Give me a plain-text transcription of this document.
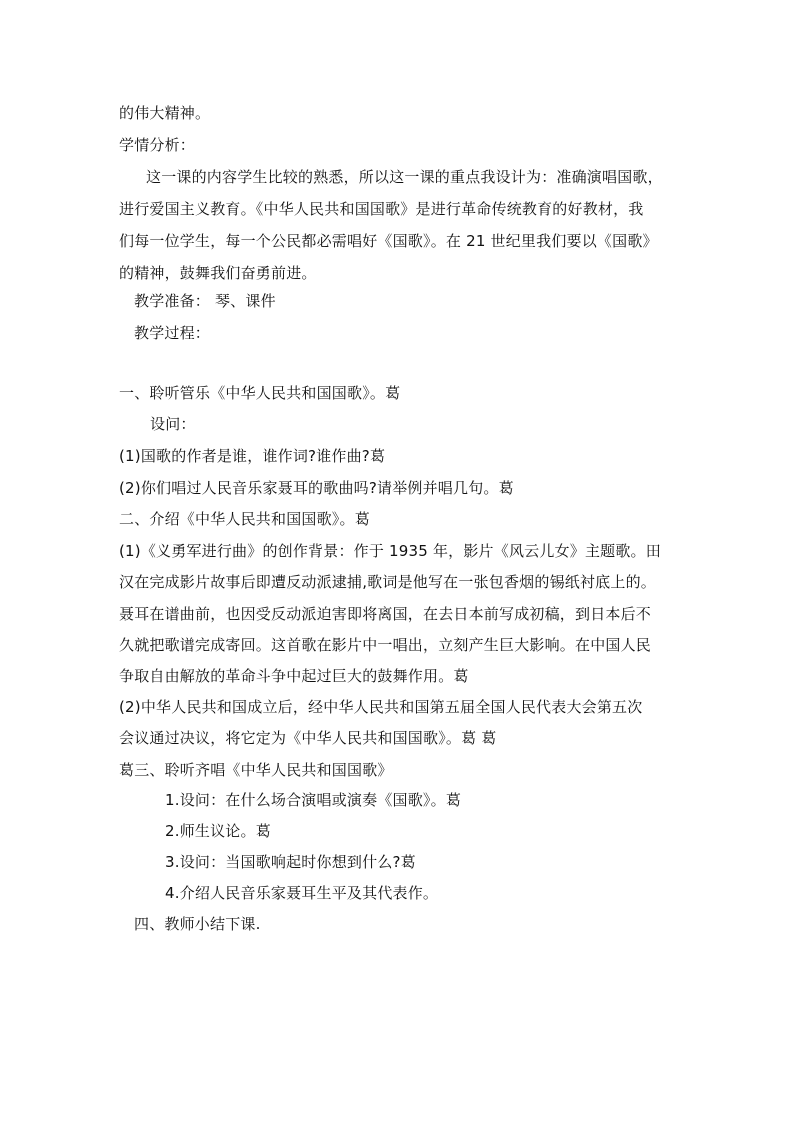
的伟大精神。
学情分析：
这一课的内容学生比较的熟悉，所以这一课的重点我设计为：准确演唱国歌，
进行爱国主义教育。《中华人民共和国国歌》是进行革命传统教育的好教材，我
们每一位学生，每一个公民都必需唱好《国歌》。在 21 世纪里我们要以《国歌》
的精神，鼓舞我们奋勇前进。
教学准备： 琴、课件
教学过程：
一、聆听管乐《中华人民共和国国歌》。葛
设问：
(1)国歌的作者是谁，谁作词?谁作曲?葛
(2)你们唱过人民音乐家聂耳的歌曲吗?请举例并唱几句。葛
二、介绍《中华人民共和国国歌》。葛
(1)《义勇军进行曲》的创作背景：作于 1935 年，影片《风云儿女》主题歌。田
汉在完成影片故事后即遭反动派逮捕,歌词是他写在一张包香烟的锡纸衬底上的。
聂耳在谱曲前，也因受反动派迫害即将离国，在去日本前写成初稿，到日本后不
久就把歌谱完成寄回。这首歌在影片中一唱出，立刻产生巨大影响。在中国人民
争取自由解放的革命斗争中起过巨大的鼓舞作用。葛
(2)中华人民共和国成立后，经中华人民共和国第五届全国人民代表大会第五次
会议通过决议，将它定为《中华人民共和国国歌》。葛 葛
葛三、聆听齐唱《中华人民共和国国歌》
1.设问：在什么场合演唱或演奏《国歌》。葛
2.师生议论。葛
3.设问：当国歌响起时你想到什么?葛
4.介绍人民音乐家聂耳生平及其代表作。
四、教师小结下课.
